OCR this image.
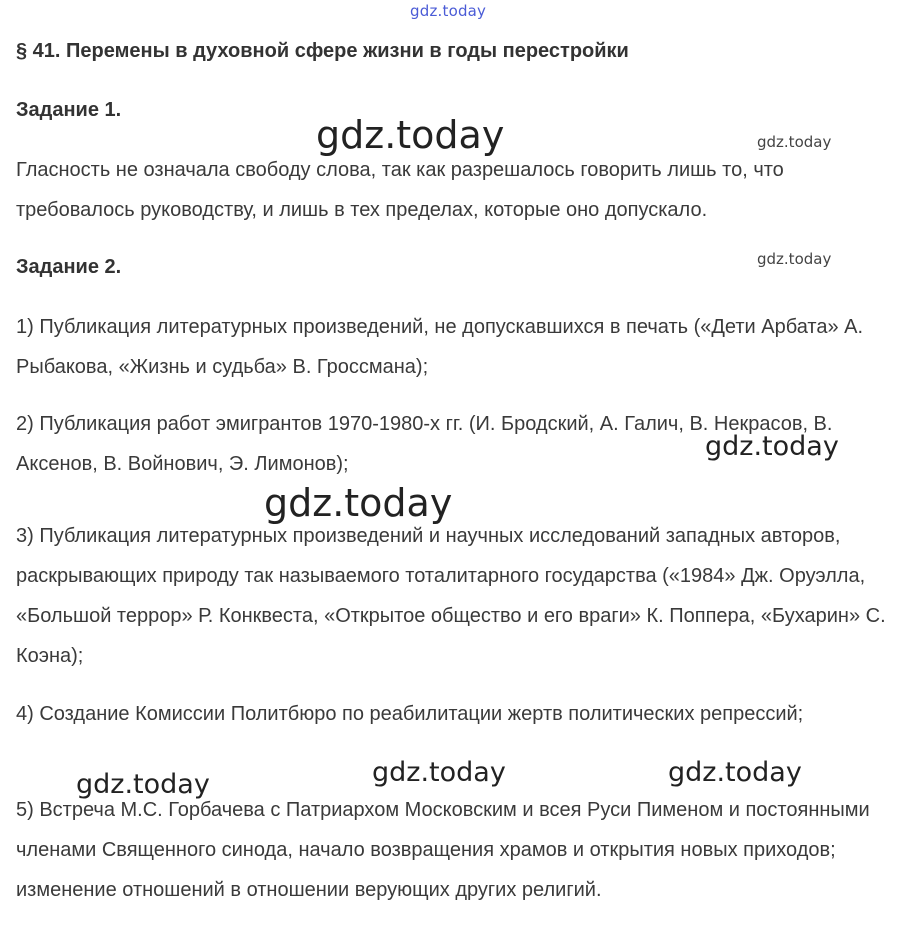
gdz.today
§ 41. Перемены в духовной сфере жизни в годы перестройки
Задание 1.
Гласность не означала свободу слова, так как разрешалось говорить лишь то, что требовалось руководству, и лишь в тех пределах, которые оно допускало.
Задание 2.
1) Публикация литературных произведений, не допускавшихся в печать («Дети Арбата» А. Рыбакова, «Жизнь и судьба» В. Гроссмана);
2) Публикация работ эмигрантов 1970-1980-х гг. (И. Бродский, А. Галич, В. Некрасов, В. Аксенов, В. Войнович, Э. Лимонов);
3) Публикация литературных произведений и научных исследований западных авторов, раскрывающих природу так называемого тоталитарного государства («1984» Дж. Оруэлла, «Большой террор» Р. Конквеста, «Открытое общество и его враги» К. Поппера, «Бухарин» С. Коэна);
4) Создание Комиссии Политбюро по реабилитации жертв политических репрессий;
5) Встреча М.С. Горбачева с Патриархом Московским и всея Руси Пименом и постоянными членами Священного синода, начало возвращения храмов и открытия новых приходов; изменение отношений в отношении верующих других религий.
gdz.today	gdz.today
gdz.today
gdz.today
gdz.today
gdz.today	gdz.today	gdz.today
